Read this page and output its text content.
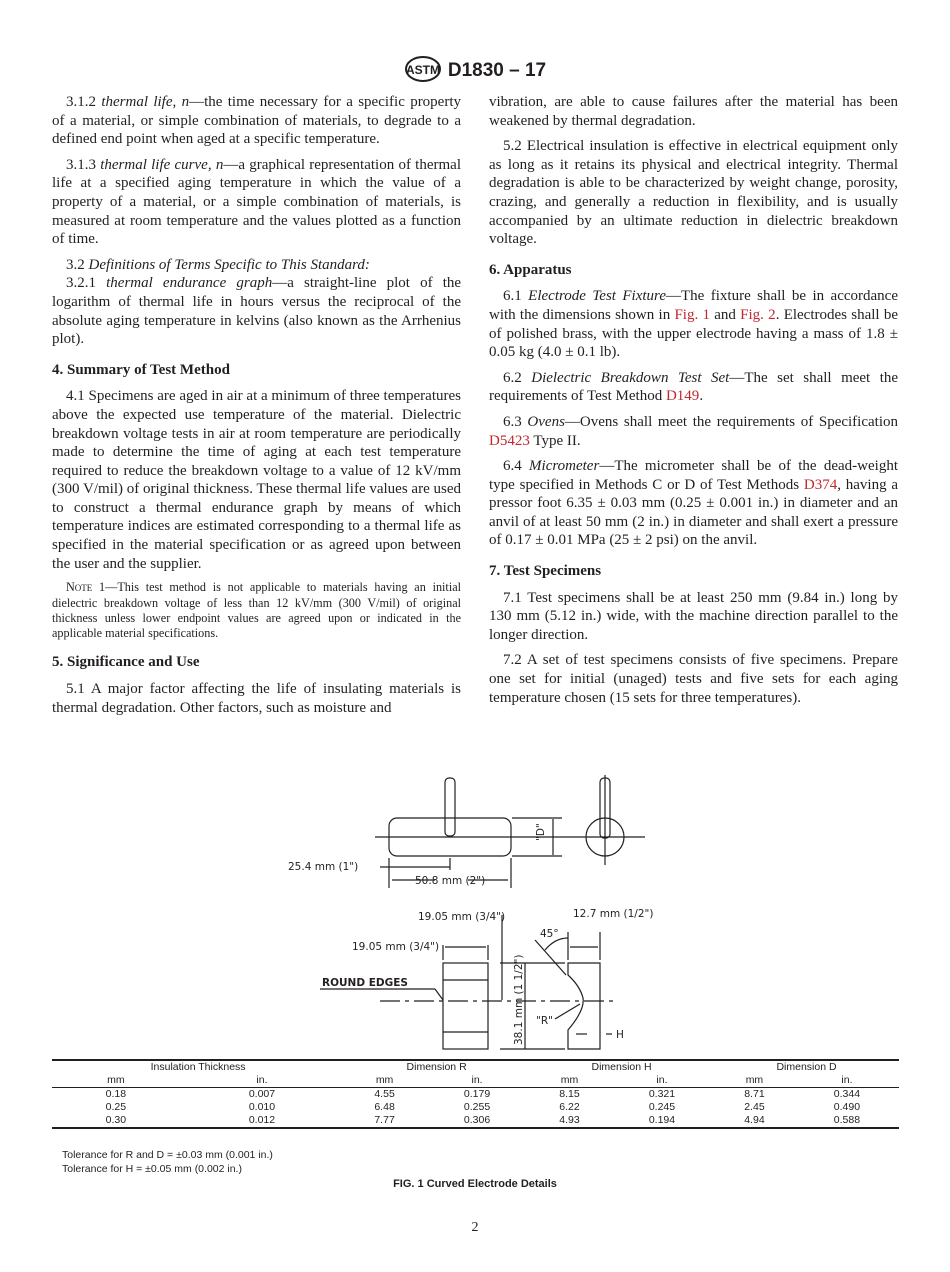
ASTM D1830 – 17

3.1.2 thermal life, n—the time necessary for a specific property of a material, or simple combination of materials, to degrade to a defined end point when aged at a specific temperature.

3.1.3 thermal life curve, n—a graphical representation of thermal life at a specified aging temperature in which the value of a property of a material, or a simple combination of materials, is measured at room temperature and the values plotted as a function of time.

3.2 Definitions of Terms Specific to This Standard:

3.2.1 thermal endurance graph—a straight-line plot of the logarithm of thermal life in hours versus the reciprocal of the absolute aging temperature in kelvins (also known as the Arrhenius plot).

4. Summary of Test Method

4.1 Specimens are aged in air at a minimum of three temperatures above the expected use temperature of the material. Dielectric breakdown voltage tests in air at room temperature are periodically made to determine the time of aging at each test temperature required to reduce the breakdown voltage to a value of 12 kV/mm (300 V/mil) of original thickness. These thermal life values are used to construct a thermal endurance graph by means of which temperature indices are estimated corresponding to a thermal life as specified in the material specification or as agreed upon between the user and the supplier.

Note 1—This test method is not applicable to materials having an initial dielectric breakdown voltage of less than 12 kV/mm (300 V/mil) of original thickness unless lower endpoint values are agreed upon or indicated in the applicable material specifications.

5. Significance and Use

5.1 A major factor affecting the life of insulating materials is thermal degradation. Other factors, such as moisture and

vibration, are able to cause failures after the material has been weakened by thermal degradation.

5.2 Electrical insulation is effective in electrical equipment only as long as it retains its physical and electrical integrity. Thermal degradation is able to be characterized by weight change, porosity, crazing, and generally a reduction in flexibility, and is usually accompanied by an ultimate reduction in dielectric breakdown voltage.

6. Apparatus

6.1 Electrode Test Fixture—The fixture shall be in accordance with the dimensions shown in Fig. 1 and Fig. 2. Electrodes shall be of polished brass, with the upper electrode having a mass of 1.8 ± 0.05 kg (4.0 ± 0.1 lb).

6.2 Dielectric Breakdown Test Set—The set shall meet the requirements of Test Method D149.

6.3 Ovens—Ovens shall meet the requirements of Specification D5423 Type II.

6.4 Micrometer—The micrometer shall be of the dead-weight type specified in Methods C or D of Test Methods D374, having a pressor foot 6.35 ± 0.03 mm (0.25 ± 0.001 in.) in diameter and an anvil of at least 50 mm (2 in.) in diameter and shall exert a pressure of 0.17 ± 0.01 MPa (25 ± 2 psi) on the anvil.

7. Test Specimens

7.1 Test specimens shall be at least 250 mm (9.84 in.) long by 130 mm (5.12 in.) wide, with the machine direction parallel to the longer direction.

7.2 A set of test specimens consists of five specimens. Prepare one set for initial (unaged) tests and five sets for each aging temperature chosen (15 sets for three temperatures).

25.4 mm (1")
50.8 mm (2")
"D"
19.05 mm (3/4")
19.05 mm (3/4")
12.7 mm (1/2")
45°
ROUND EDGES	38.1 mm (1 1/2") "R"
H
Insulation Thickness		Dimension R		Dimension H		Dimension D	
mm	in.	mm	in.	mm	in.	mm	in.
0.18	0.007	4.55	0.179	8.15	0.321	8.71	0.344
0.25	0.010	6.48	0.255	6.22	0.245	2.45	0.490
0.30	0.012	7.77	0.306	4.93	0.194	4.94	0.588
Tolerance for R and D = ±0.03 mm (0.001 in.)
Tolerance for H = ±0.05 mm (0.002 in.)
FIG. 1 Curved Electrode Details
2
